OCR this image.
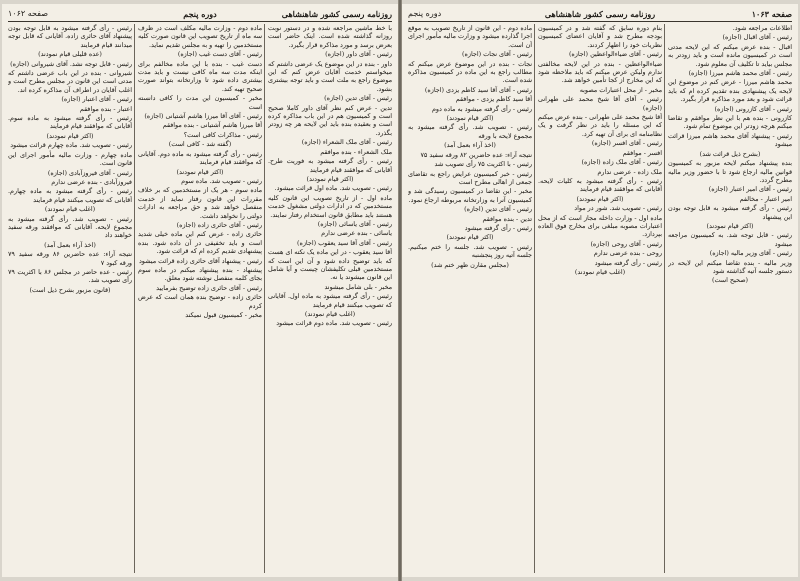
روزنامه رسمی کشور شاهنشاهی
دوره پنجم
صفحه ۱۰۶۲

با خط ماشین مراجعه شده و در دستور نوبت روزانه گذاشته شده است. اینک حاضر است بعرض برسد و مورد مذاکره قرار بگیرد.

رئیس - آقای داور (اجازه)

داور - بنده در این موضوع یک عرضی داشتم که میخواستم خدمت آقایان عرض کنم که این موضوع راجع به ملت است و باید توجه بیشتری بشود.

رئیس - آقای تدین (اجازه)

تدین - عرض کنم نظر آقای داور کاملا صحیح است و کمیسیون هم در این باب مذاکره کرده است و بعقیده بنده باید این لایحه هر چه زودتر بگذرد.

رئیس - آقای ملک الشعراء (اجازه)

ملک الشعراء - بنده موافقم

رئیس - رأی گرفته میشود به فوریت طرح. آقایانی که موافقند قیام فرمایند

(اکثر قیام نمودند)

رئیس - تصویب شد. ماده اول قرائت میشود.

ماده اول - از تاریخ تصویب این قانون کلیه مستخدمین که در ادارات دولتی مشغول خدمت هستند باید مطابق قانون استخدام رفتار نمایند.

رئیس - آقای یاسائی (اجازه)

یاسائی - بنده عرضی ندارم

رئیس - آقای آقا سید یعقوب (اجازه)

آقا سید یعقوب - در این ماده یک نکته ای هست که باید توضیح داده شود و آن این است که مستخدمین قبلی تکلیفشان چیست و آیا شامل این قانون میشوند یا نه.

مخبر - بلی شامل میشوند

رئیس - رأی گرفته میشود به ماده اول. آقایانی که تصویب میکنند قیام فرمایند

(اغلب قیام نمودند)

رئیس - تصویب شد. ماده دوم قرائت میشود

ماده دوم - وزارت مالیه مکلف است در ظرف سه ماه از تاریخ تصویب این قانون صورت کلیه مستخدمین را تهیه و به مجلس تقدیم نماید.

رئیس - آقای دست غیب (اجازه)

دست غیب - بنده با این ماده مخالفم برای اینکه مدت سه ماه کافی نیست و باید مدت بیشتری داده شود تا وزارتخانه بتواند صورت صحیح تهیه کند.

مخبر - کمیسیون این مدت را کافی دانسته است

رئیس - آقای آقا میرزا هاشم آشتیانی (اجازه)

آقا میرزا هاشم آشتیانی - بنده موافقم

رئیس - مذاکرات کافی است؟

(گفته شد - کافی است)

رئیس - رأی گرفته میشود به ماده دوم. آقایانی که موافقند قیام فرمایند

(اکثر قیام نمودند)

رئیس - تصویب شد. ماده سوم

ماده سوم - هر یک از مستخدمین که بر خلاف مقررات این قانون رفتار نماید از خدمت منفصل خواهد شد و حق مراجعه به ادارات دولتی را نخواهد داشت.

رئیس - آقای حائری زاده (اجازه)

حائری زاده - عرض کنم این ماده خیلی شدید است و باید تخفیفی در آن داده شود. بنده پیشنهادی تقدیم کرده ام که قرائت شود.

رئیس - پیشنهاد آقای حائری زاده قرائت میشود

پیشنهاد - بنده پیشنهاد میکنم در ماده سوم بجای کلمه منفصل نوشته شود معلق.

رئیس - آقای حائری زاده توضیح بفرمایید

حائری زاده - توضیح بنده همان است که عرض کردم

مخبر - کمیسیون قبول نمیکند

رئیس - رأی گرفته میشود به قابل توجه بودن پیشنهاد آقای حائری زاده. آقایانی که قابل توجه میدانند قیام فرمایند

(عده قلیلی قیام نمودند)

رئیس - قابل توجه نشد. آقای شیروانی (اجازه)

شیروانی - بنده در این باب عرضی داشتم که مدتی است این قانون در مجلس مطرح است و اغلب آقایان در اطراف آن مذاکره کرده اند.

رئیس - آقای اعتبار (اجازه)

اعتبار - بنده موافقم

رئیس - رأی گرفته میشود به ماده سوم. آقایانی که موافقند قیام فرمایند

(اکثر قیام نمودند)

رئیس - تصویب شد. ماده چهارم قرائت میشود

ماده چهارم - وزارت مالیه مأمور اجرای این قانون است.

رئیس - آقای فیروزآبادی (اجازه)

فیروزآبادی - بنده عرضی ندارم

رئیس - رأی گرفته میشود به ماده چهارم. آقایانی که تصویب میکنند قیام فرمایند

(اغلب قیام نمودند)

رئیس - تصویب شد. رأی گرفته میشود به مجموع لایحه. آقایانی که موافقند ورقه سفید خواهند داد

(اخذ آراء بعمل آمد)

نتیجه آراء: عده حاضرین ۸۶ ورقه سفید ۷۹ ورقه کبود ۷

رئیس - عده حاضر در مجلس ۸۶ با اکثریت ۷۹ رأی تصویب شد.

(قانون مزبور بشرح ذیل است)

صفحه ۱۰۶۳
روزنامه رسمی کشور شاهنشاهی
دوره پنجم

اطلاعات مراجعه شود.

رئیس - آقای اقبال (اجازه)

اقبال - بنده عرض میکنم که این لایحه مدتی است در کمیسیون مانده است و باید زودتر به مجلس بیاید تا تکلیف آن معلوم شود.

رئیس - آقای محمد هاشم میرزا (اجازه)

محمد هاشم میرزا - عرض کنم در موضوع این لایحه یک پیشنهادی بنده تقدیم کرده ام که باید قرائت شود و بعد مورد مذاکره قرار بگیرد.

رئیس - آقای کازرونی (اجازه)

کازرونی - بنده هم با این نظر موافقم و تقاضا میکنم هرچه زودتر این موضوع تمام شود.

رئیس - پیشنهاد آقای محمد هاشم میرزا قرائت میشود

(بشرح ذیل قرائت شد)

بنده پیشنهاد میکنم لایحه مزبور به کمیسیون قوانین مالیه ارجاع شود تا با حضور وزیر مالیه مطرح گردد.

رئیس - آقای امیر اعتبار (اجازه)

امیر اعتبار - مخالفم

رئیس - رأی گرفته میشود به قابل توجه بودن این پیشنهاد

(اکثر قیام نمودند)

رئیس - قابل توجه شد. به کمیسیون مراجعه میشود

رئیس - آقای وزیر مالیه (اجازه)

وزیر مالیه - بنده تقاضا میکنم این لایحه در دستور جلسه آتیه گذاشته شود

(صحیح است)

بنام دوره سابق که گفته شد و در کمیسیون بودجه مطرح شد و آقایان اعضای کمیسیون نظریات خود را اظهار کردند.

رئیس - آقای ضیاءالواعظین (اجازه)

ضیاءالواعظین - بنده در این لایحه مخالفتی ندارم ولیکن عرض میکنم که باید ملاحظه شود که این مخارج از کجا تأمین خواهد شد.

مخبر - از محل اعتبارات مصوبه

رئیس - آقای آقا شیخ محمد علی طهرانی (اجازه)

آقا شیخ محمد علی طهرانی - بنده عرض میکنم که این مسئله را باید در نظر گرفت و یک نظامنامه ای برای آن تهیه کرد.

رئیس - آقای افسر (اجازه)

افسر - موافقم

رئیس - آقای ملک زاده (اجازه)

ملک زاده - عرضی ندارم

رئیس - رأی گرفته میشود به کلیات لایحه. آقایانی که موافقند قیام فرمایند

(اکثر قیام نمودند)

رئیس - تصویب شد. شور در مواد

ماده اول - وزارت داخله مجاز است که از محل اعتبارات مصوبه مبلغی برای مخارج فوق العاده بپردازد.

رئیس - آقای روحی (اجازه)

روحی - بنده عرضی ندارم

رئیس - رأی گرفته میشود

(اغلب قیام نمودند)

ماده دوم - این قانون از تاریخ تصویب به موقع اجرا گذارده میشود و وزارت مالیه مأمور اجرای آن است.

رئیس - آقای نجات (اجازه)

نجات - بنده در این موضوع عرض میکنم که مطالب راجع به این ماده در کمیسیون مذاکره شده است.

رئیس - آقای آقا سید کاظم یزدی (اجازه)

آقا سید کاظم یزدی - موافقم

رئیس - رأی گرفته میشود به ماده دوم

(اکثر قیام نمودند)

رئیس - تصویب شد. رأی گرفته میشود به مجموع لایحه با ورقه

(اخذ آراء بعمل آمد)

نتیجه آراء: عده حاضرین ۸۲ ورقه سفید ۷۵

رئیس - با اکثریت ۷۵ رأی تصویب شد

رئیس - خبر کمیسیون عرایض راجع به تقاضای جمعی از اهالی مطرح است

مخبر - این تقاضا در کمیسیون رسیدگی شد و کمیسیون آنرا به وزارتخانه مربوطه ارجاع نمود.

رئیس - آقای تدین (اجازه)

تدین - بنده موافقم

رئیس - رأی گرفته میشود

(اکثر قیام نمودند)

رئیس - تصویب شد. جلسه را ختم میکنیم. جلسه آتیه روز پنجشنبه

(مجلس مقارن ظهر ختم شد)
